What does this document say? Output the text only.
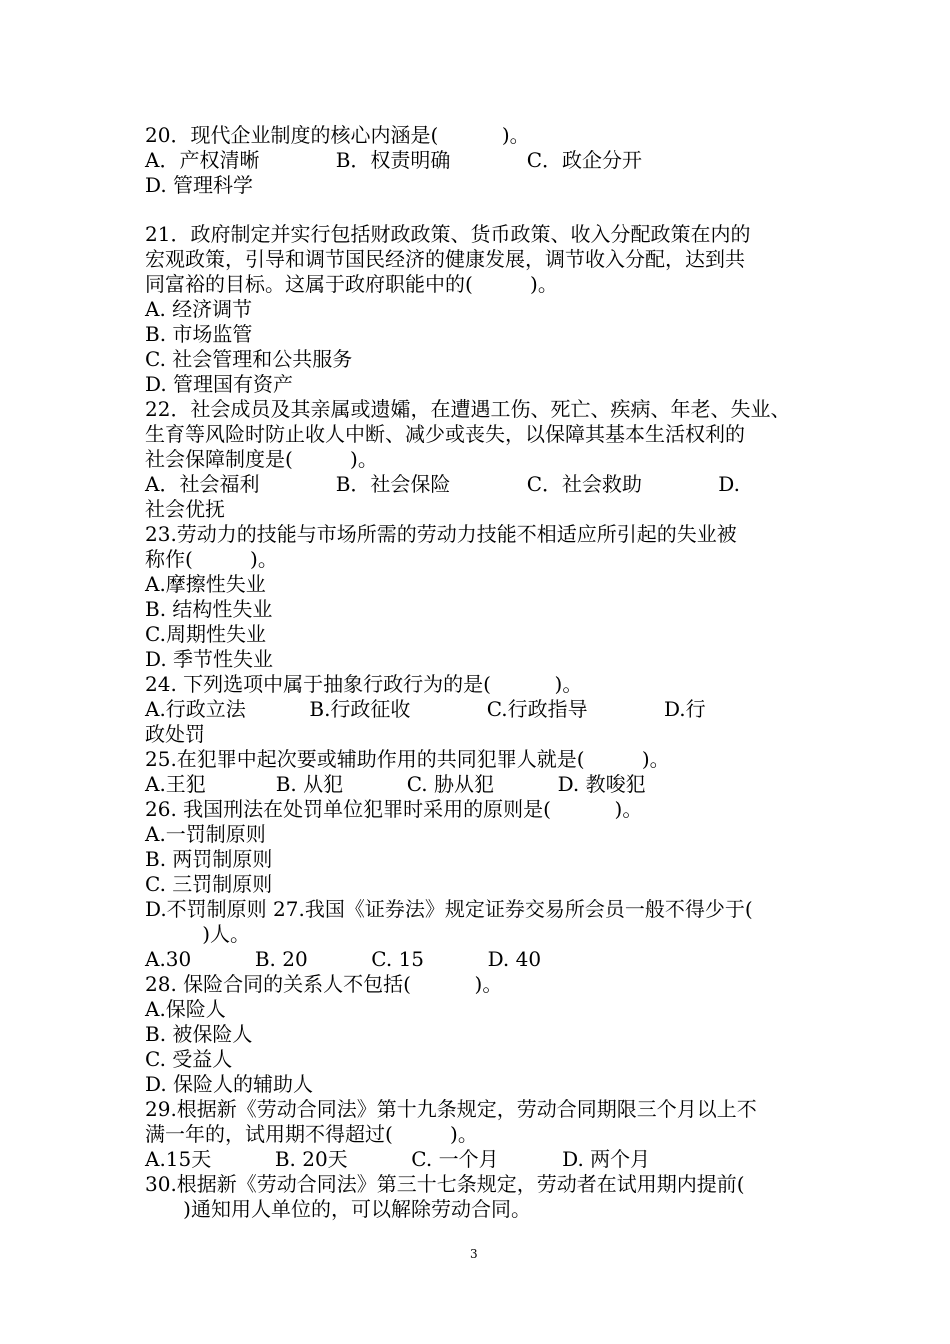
20．现代企业制度的核心内涵是(          )。
A．产权清晰            B．权责明确            C．政企分开
D. 管理科学
21．政府制定并实行包括财政政策、货币政策、收入分配政策在内的
宏观政策，引导和调节国民经济的健康发展，调节收入分配，达到共
同富裕的目标。这属于政府职能中的(         )。
A. 经济调节
B. 市场监管
C. 社会管理和公共服务
D. 管理国有资产
22．社会成员及其亲属或遗孀，在遭遇工伤、死亡、疾病、年老、失业、
生育等风险时防止收人中断、减少或丧失，以保障其基本生活权利的
社会保障制度是(         )。
A．社会福利            B．社会保险            C．社会救助            D.
社会优抚
23.劳动力的技能与市场所需的劳动力技能不相适应所引起的失业被
称作(         )。
A.摩擦性失业
B. 结构性失业
C.周期性失业
D. 季节性失业
24. 下列选项中属于抽象行政行为的是(          )。
A.行政立法          B.行政征收            C.行政指导            D.行
政处罚
25.在犯罪中起次要或辅助作用的共同犯罪人就是(         )。
A.王犯           B. 从犯          C. 胁从犯          D. 教唆犯
26. 我国刑法在处罚单位犯罪时采用的原则是(          )。
A.一罚制原则
B. 两罚制原则
C. 三罚制原则
D.不罚制原则 27.我国《证券法》规定证券交易所会员一般不得少于(
)人。
A.30          B. 20          C. 15          D. 40
28. 保险合同的关系人不包括(          )。
A.保险人
B. 被保险人
C. 受益人
D. 保险人的辅助人
29.根据新《劳动合同法》第十九条规定，劳动合同期限三个月以上不
满一年的，试用期不得超过(         )。
A.15天          B. 20天          C. 一个月          D. 两个月
30.根据新《劳动合同法》第三十七条规定，劳动者在试用期内提前(
)通知用人单位的，可以解除劳动合同。
3
